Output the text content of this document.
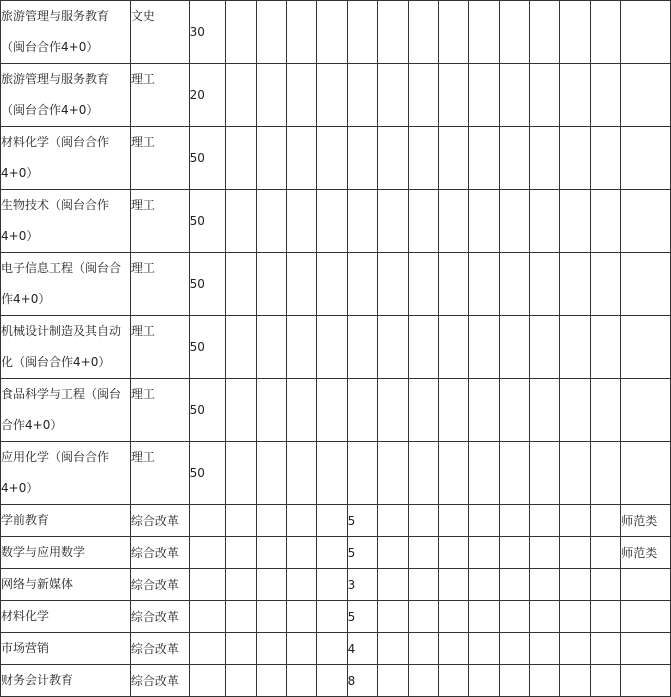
旅游管理与服务教育
（闽台合作4+0）	文史	30														

旅游管理与服务教育
（闽台合作4+0）	理工	20														

材料化学（闽台合作
4+0）	理工	50														

生物技术（闽台合作
4+0）	理工	50														

电子信息工程（闽台合
作4+0）	理工	50														

机械设计制造及其自动
化（闽台合作4+0）	理工	50														

食品科学与工程（闽台
合作4+0）	理工	50														

应用化学（闽台合作
4+0）	理工	50														

学前教育	综合改革						5									师范类

数学与应用数学	综合改革						5									师范类

网络与新媒体	综合改革						3									

材料化学	综合改革						5									

市场营销	综合改革						4									

财务会计教育	综合改革						8									
